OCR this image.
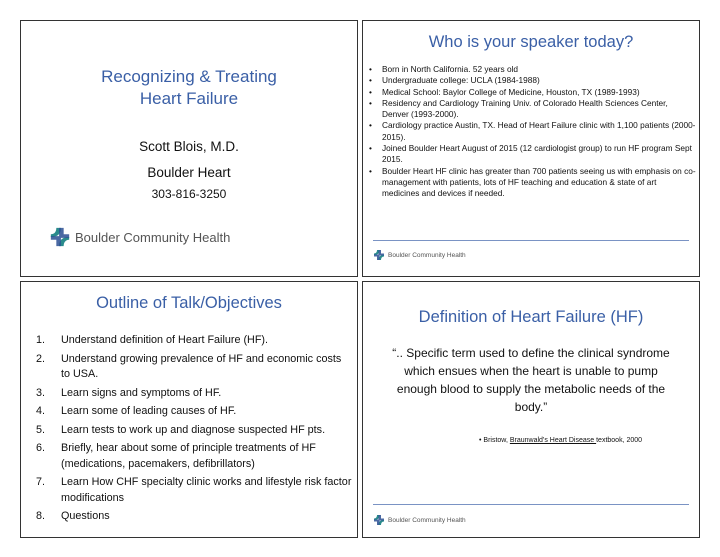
Recognizing & Treating
Heart Failure
Scott Blois, M.D.
Boulder Heart
303-816-3250
Boulder Community Health
Who is your speaker today?
• Born in North California. 52 years old
• Undergraduate college: UCLA (1984-1988)
• Medical School: Baylor College of Medicine, Houston, TX (1989-1993)
• Residency and Cardiology Training Univ. of Colorado Health Sciences Center, Denver (1993-2000).
• Cardiology practice Austin, TX. Head of Heart Failure clinic with 1,100 patients (2000-2015).
• Joined Boulder Heart August of 2015 (12 cardiologist group) to run HF program Sept 2015.
• Boulder Heart HF clinic has greater than 700 patients seeing us with emphasis on co-management with patients, lots of HF teaching and education & state of art medicines and devices if needed.
Boulder Community Health
Outline of Talk/Objectives
1. Understand definition of Heart Failure (HF).
2. Understand growing prevalence of HF and economic costs to USA.
3. Learn signs and symptoms of HF.
4. Learn some of leading causes of HF.
5. Learn tests to work up and diagnose suspected HF pts.
6. Briefly, hear about some of principle treatments of HF (medications, pacemakers, defibrillators)
7. Learn How CHF specialty clinic works and lifestyle risk factor modifications
8. Questions
Definition of Heart Failure (HF)
“.. Specific term used to define the clinical syndrome which ensues when the heart is unable to pump enough blood to supply the metabolic needs of the body.”
• Bristow, Braunwald’s Heart Disease textbook, 2000
Boulder Community Health
